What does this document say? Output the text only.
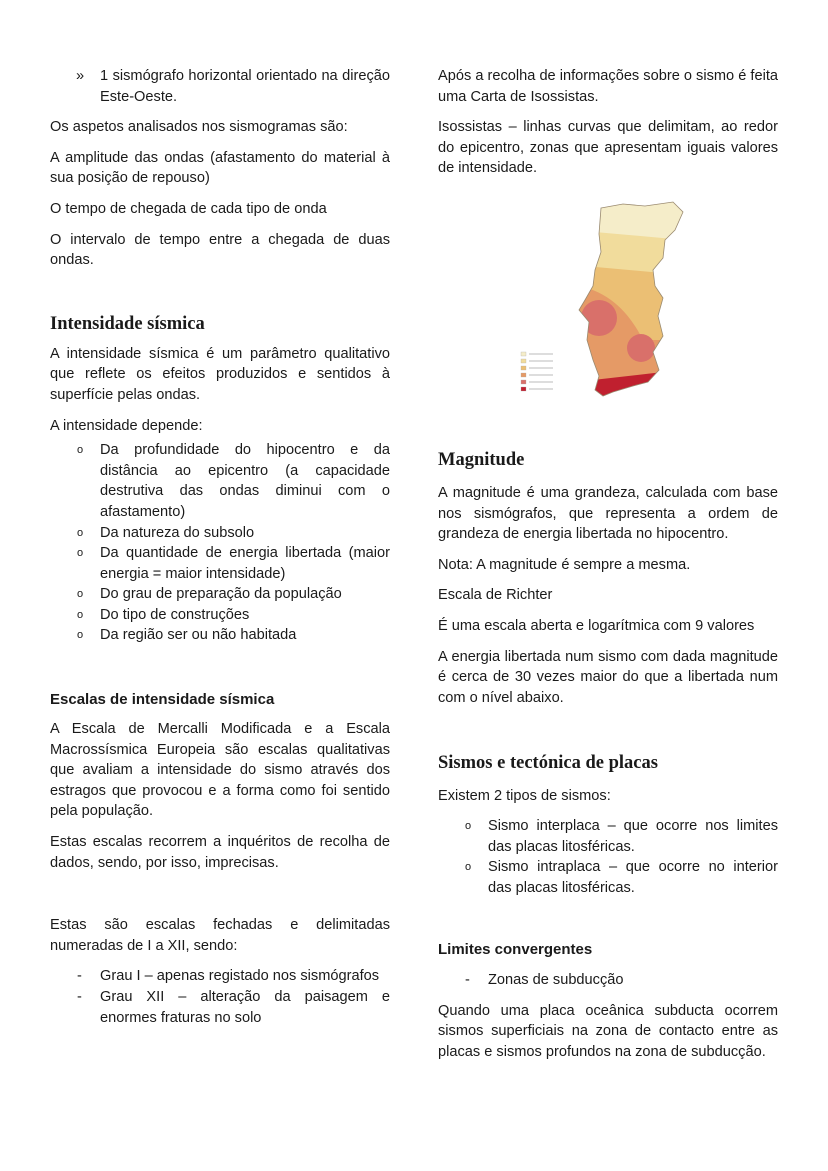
» 1 sismógrafo horizontal orientado na direção Este-Oeste.

Os aspetos analisados nos sismogramas são:

A amplitude das ondas (afastamento do material à sua posição de repouso)

O tempo de chegada de cada tipo de onda

O intervalo de tempo entre a chegada de duas ondas.

Intensidade sísmica

A intensidade sísmica é um parâmetro qualitativo que reflete os efeitos produzidos e sentidos à superfície pelas ondas.

A intensidade depende:

o Da profundidade do hipocentro e da distância ao epicentro (a capacidade destrutiva das ondas diminui com o afastamento)
o Da natureza do subsolo
o Da quantidade de energia libertada (maior energia = maior intensidade)
o Do grau de preparação da população
o Do tipo de construções
o Da região ser ou não habitada
Escalas de intensidade sísmica

A Escala de Mercalli Modificada e a Escala Macrossísmica Europeia são escalas qualitativas que avaliam a intensidade do sismo através dos estragos que provocou e a forma como foi sentido pela população.

Estas escalas recorrem a inquéritos de recolha de dados, sendo, por isso, imprecisas.

Estas são escalas fechadas e delimitadas numeradas de I a XII, sendo:

- Grau I – apenas registado nos sismógrafos
- Grau XII – alteração da paisagem e enormes fraturas no solo

Após a recolha de informações sobre o sismo é feita uma Carta de Isossistas.

Isossistas – linhas curvas que delimitam, ao redor do epicentro, zonas que apresentam iguais valores de intensidade.

Magnitude

A magnitude é uma grandeza, calculada com base nos sismógrafos, que representa a ordem de grandeza de energia libertada no hipocentro.

Nota: A magnitude é sempre a mesma.

Escala de Richter

É uma escala aberta e logarítmica com 9 valores

A energia libertada num sismo com dada magnitude é cerca de 30 vezes maior do que a libertada num com o nível abaixo.

Sismos e tectónica de placas

Existem 2 tipos de sismos:

o Sismo interplaca – que ocorre nos limites das placas litosféricas.
o Sismo intraplaca – que ocorre no interior das placas litosféricas.
Limites convergentes
- Zonas de subducção

Quando uma placa oceânica subducta ocorrem sismos superficiais na zona de contacto entre as placas e sismos profundos na zona de subducção.
